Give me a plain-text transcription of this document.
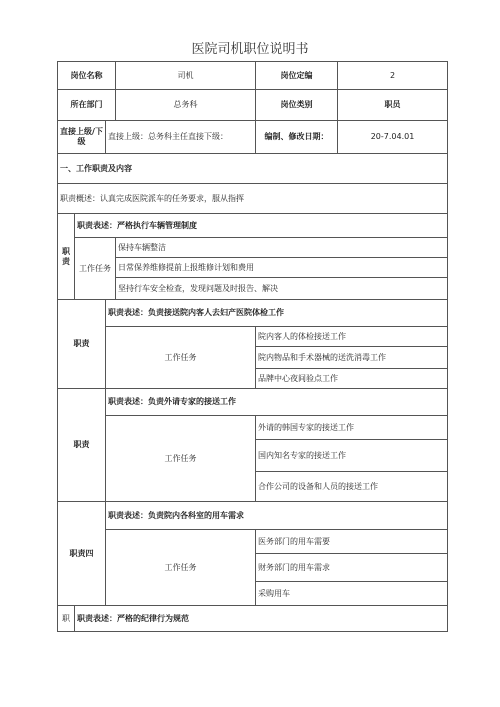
医院司机职位说明书
岗位名称			司机	岗位定编	2
所在部门			总务科	岗位类别	职员
直接上级/下级		直接上级：总务科主任直接下级：		编制、修改日期：	20-7.04.01
一、工作职责及内容					
职责概述：认真完成医院派车的任务要求，服从指挥					
职责	职责表述：严格执行车辆管理制度				
	工作任务		保持车辆整洁		
			日常保养维修提前上报维修计划和费用		
			坚持行车安全检查，发现问题及时报告、解决		
职责		职责表述：负责接送院内客人去妇产医院体检工作			
		工作任务		院内客人的体检接送工作	
				院内物品和手术器械的送洗消毒工作	
				品牌中心夜间验点工作	
职责		职责表述：负责外请专家的接送工作			
		工作任务		外请的韩国专家的接送工作	
				国内知名专家的接送工作	
				合作公司的设备和人员的接送工作	
职责四		职责表述：负责院内各科室的用车需求			
		工作任务		医务部门的用车需要	
				财务部门的用车需求	
				采购用车	
职	职责表述：严格的纪律行为规范				
